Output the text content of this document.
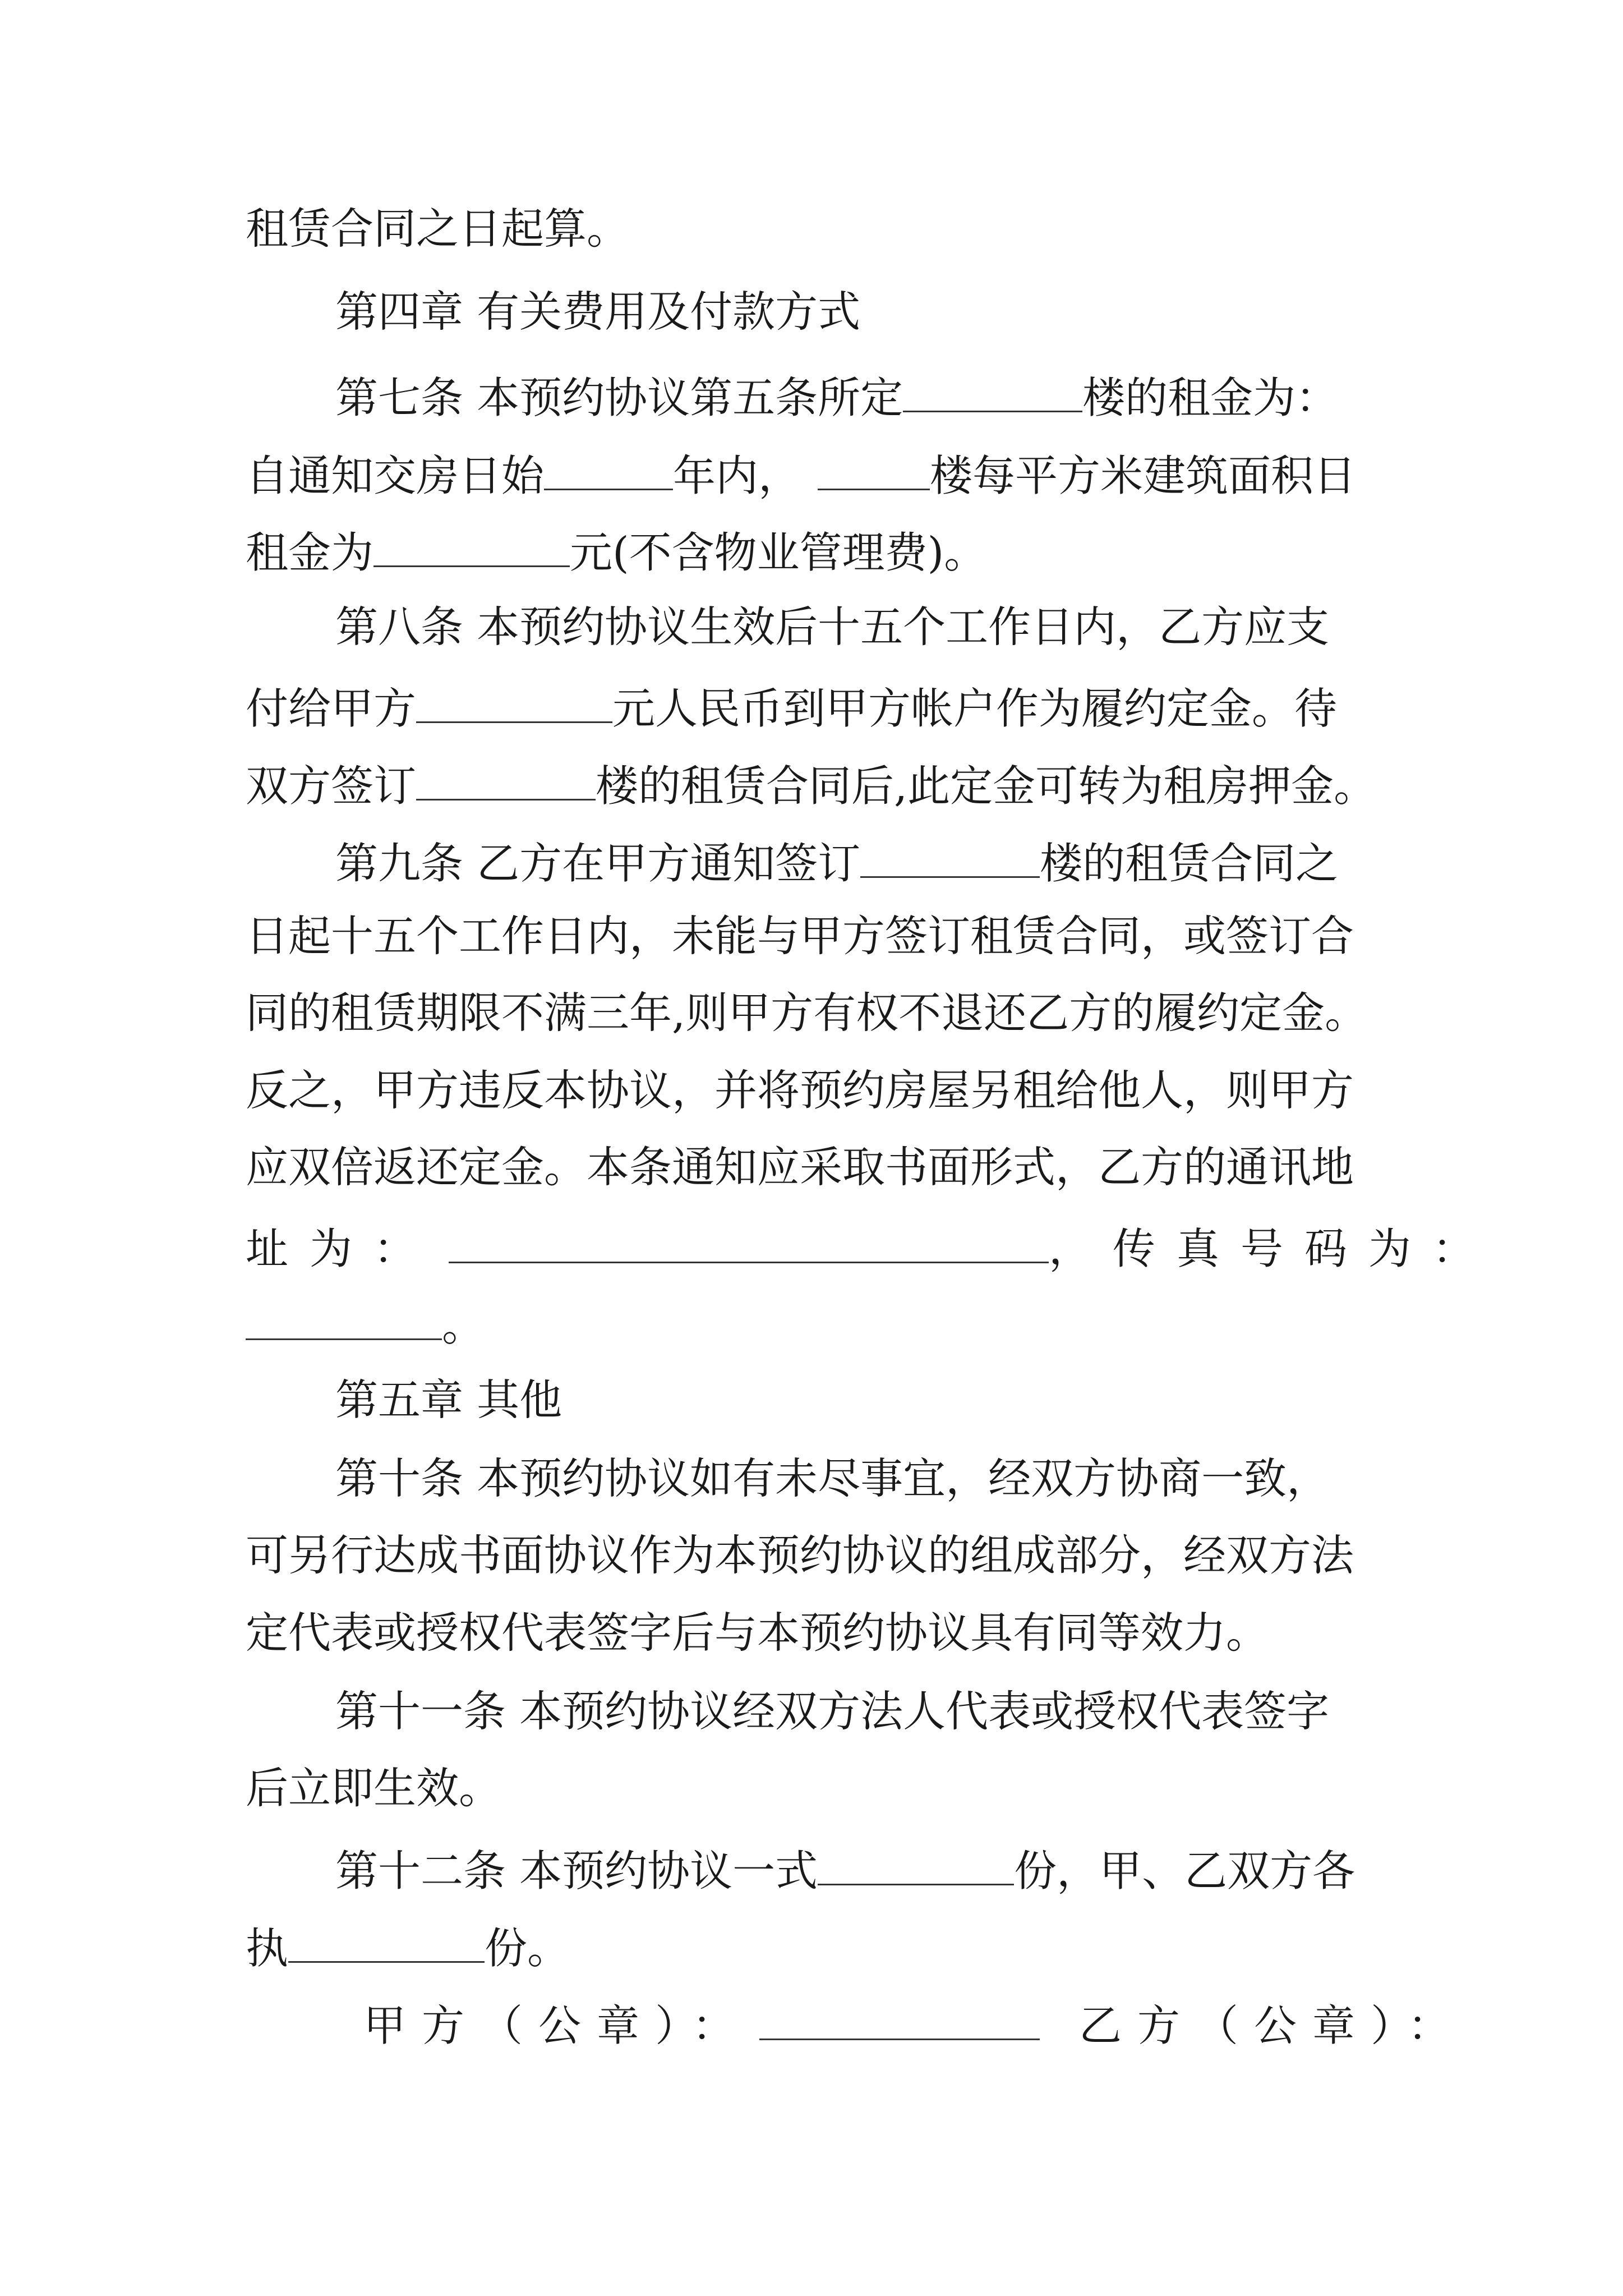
租赁合同之日起算。
第四章 有关费用及付款方式
第七条 本预约协议第五条所定	楼的租金为：
自通知交房日始	年内，	楼每平方米建筑面积日
租金为	元(不含物业管理费)。
第八条 本预约协议生效后十五个工作日内，乙方应支
付给甲方	元人民币到甲方帐户作为履约定金。待
双方签订	楼的租赁合同后,此定金可转为租房押金。
第九条 乙方在甲方通知签订	楼的租赁合同之
日起十五个工作日内，未能与甲方签订租赁合同，或签订合
同的租赁期限不满三年,则甲方有权不退还乙方的履约定金。
反之，甲方违反本协议，并将预约房屋另租给他人，则甲方
应双倍返还定金。本条通知应采取书面形式，乙方的通讯地
址为：	，传真号码为：
。
第五章 其他
第十条 本预约协议如有未尽事宜，经双方协商一致，
可另行达成书面协议作为本预约协议的组成部分，经双方法
定代表或授权代表签字后与本预约协议具有同等效力。
第十一条 本预约协议经双方法人代表或授权代表签字
后立即生效。
第十二条 本预约协议一式	份，甲、乙双方各
执	份。
甲方（公章）：	乙方（公章）：
